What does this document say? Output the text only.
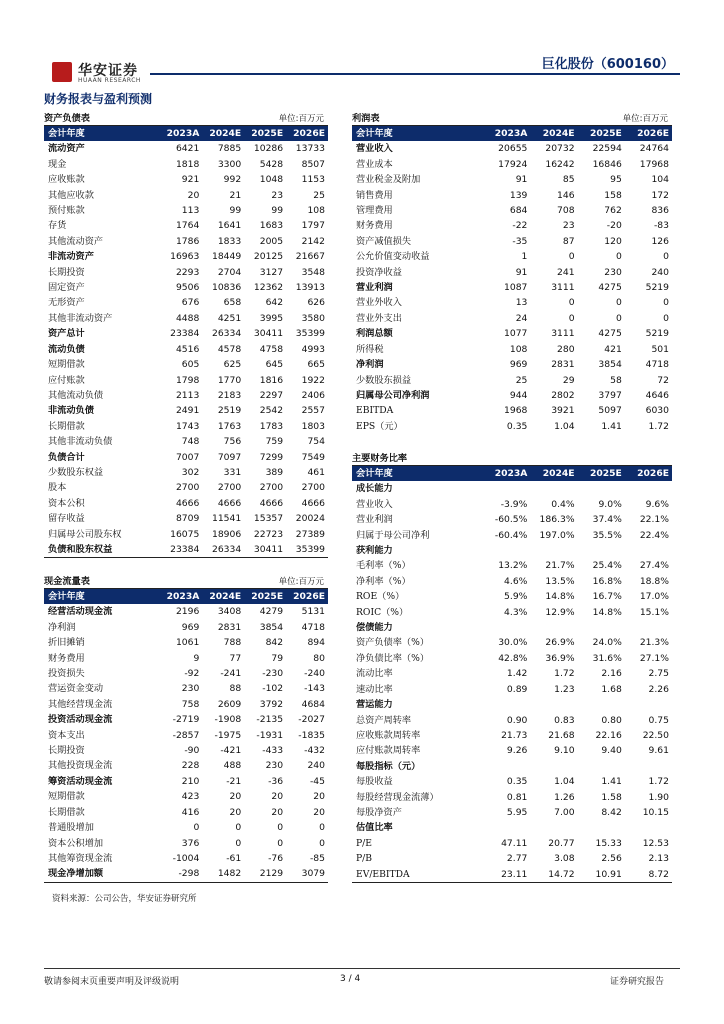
华安证券
HUAAN RESEARCH
巨化股份（600160）
财务报表与盈利预测
资产负债表	单位:百万元
会计年度	2023A	2024E	2025E	2026E
流动资产	6421	7885	10286	13733
现金	1818	3300	5428	8507
应收账款	921	992	1048	1153
其他应收款	20	21	23	25
预付账款	113	99	99	108
存货	1764	1641	1683	1797
其他流动资产	1786	1833	2005	2142
非流动资产	16963	18449	20125	21667
长期投资	2293	2704	3127	3548
固定资产	9506	10836	12362	13913
无形资产	676	658	642	626
其他非流动资产	4488	4251	3995	3580
资产总计	23384	26334	30411	35399
流动负债	4516	4578	4758	4993
短期借款	605	625	645	665
应付账款	1798	1770	1816	1922
其他流动负债	2113	2183	2297	2406
非流动负债	2491	2519	2542	2557
长期借款	1743	1763	1783	1803
其他非流动负债	748	756	759	754
负债合计	7007	7097	7299	7549
少数股东权益	302	331	389	461
股本	2700	2700	2700	2700
资本公积	4666	4666	4666	4666
留存收益	8709	11541	15357	20024
归属母公司股东权	16075	18906	22723	27389
负债和股东权益	23384	26334	30411	35399
现金流量表	单位:百万元
会计年度	2023A	2024E	2025E	2026E
经营活动现金流	2196	3408	4279	5131
净利润	969	2831	3854	4718
折旧摊销	1061	788	842	894
财务费用	9	77	79	80
投资损失	-92	-241	-230	-240
营运资金变动	230	88	-102	-143
其他经营现金流	758	2609	3792	4684
投资活动现金流	-2719	-1908	-2135	-2027
资本支出	-2857	-1975	-1931	-1835
长期投资	-90	-421	-433	-432
其他投资现金流	228	488	230	240
筹资活动现金流	210	-21	-36	-45
短期借款	423	20	20	20
长期借款	416	20	20	20
普通股增加	0	0	0	0
资本公积增加	376	0	0	0
其他筹资现金流	-1004	-61	-76	-85
现金净增加额	-298	1482	2129	3079
利润表	单位:百万元
会计年度	2023A	2024E	2025E	2026E
营业收入	20655	20732	22594	24764
营业成本	17924	16242	16846	17968
营业税金及附加	91	85	95	104
销售费用	139	146	158	172
管理费用	684	708	762	836
财务费用	-22	23	-20	-83
资产减值损失	-35	87	120	126
公允价值变动收益	1	0	0	0
投资净收益	91	241	230	240
营业利润	1087	3111	4275	5219
营业外收入	13	0	0	0
营业外支出	24	0	0	0
利润总额	1077	3111	4275	5219
所得税	108	280	421	501
净利润	969	2831	3854	4718
少数股东损益	25	29	58	72
归属母公司净利润	944	2802	3797	4646
EBITDA	1968	3921	5097	6030
EPS（元）	0.35	1.04	1.41	1.72
主要财务比率
会计年度	2023A	2024E	2025E	2026E
成长能力				
营业收入	-3.9%	0.4%	9.0%	9.6%
营业利润	-60.5%	186.3%	37.4%	22.1%
归属于母公司净利	-60.4%	197.0%	35.5%	22.4%
获利能力				
毛利率（%）	13.2%	21.7%	25.4%	27.4%
净利率（%）	4.6%	13.5%	16.8%	18.8%
ROE（%）	5.9%	14.8%	16.7%	17.0%
ROIC（%）	4.3%	12.9%	14.8%	15.1%
偿债能力				
资产负债率（%）	30.0%	26.9%	24.0%	21.3%
净负债比率（%）	42.8%	36.9%	31.6%	27.1%
流动比率	1.42	1.72	2.16	2.75
速动比率	0.89	1.23	1.68	2.26
营运能力				
总资产周转率	0.90	0.83	0.80	0.75
应收账款周转率	21.73	21.68	22.16	22.50
应付账款周转率	9.26	9.10	9.40	9.61
每股指标（元）				
每股收益	0.35	1.04	1.41	1.72
每股经营现金流薄）	0.81	1.26	1.58	1.90
每股净资产	5.95	7.00	8.42	10.15
估值比率				
P/E	47.11	20.77	15.33	12.53
P/B	2.77	3.08	2.56	2.13
EV/EBITDA	23.11	14.72	10.91	8.72
资料来源：公司公告，华安证券研究所
敬请参阅末页重要声明及评级说明	3 / 4	证券研究报告
